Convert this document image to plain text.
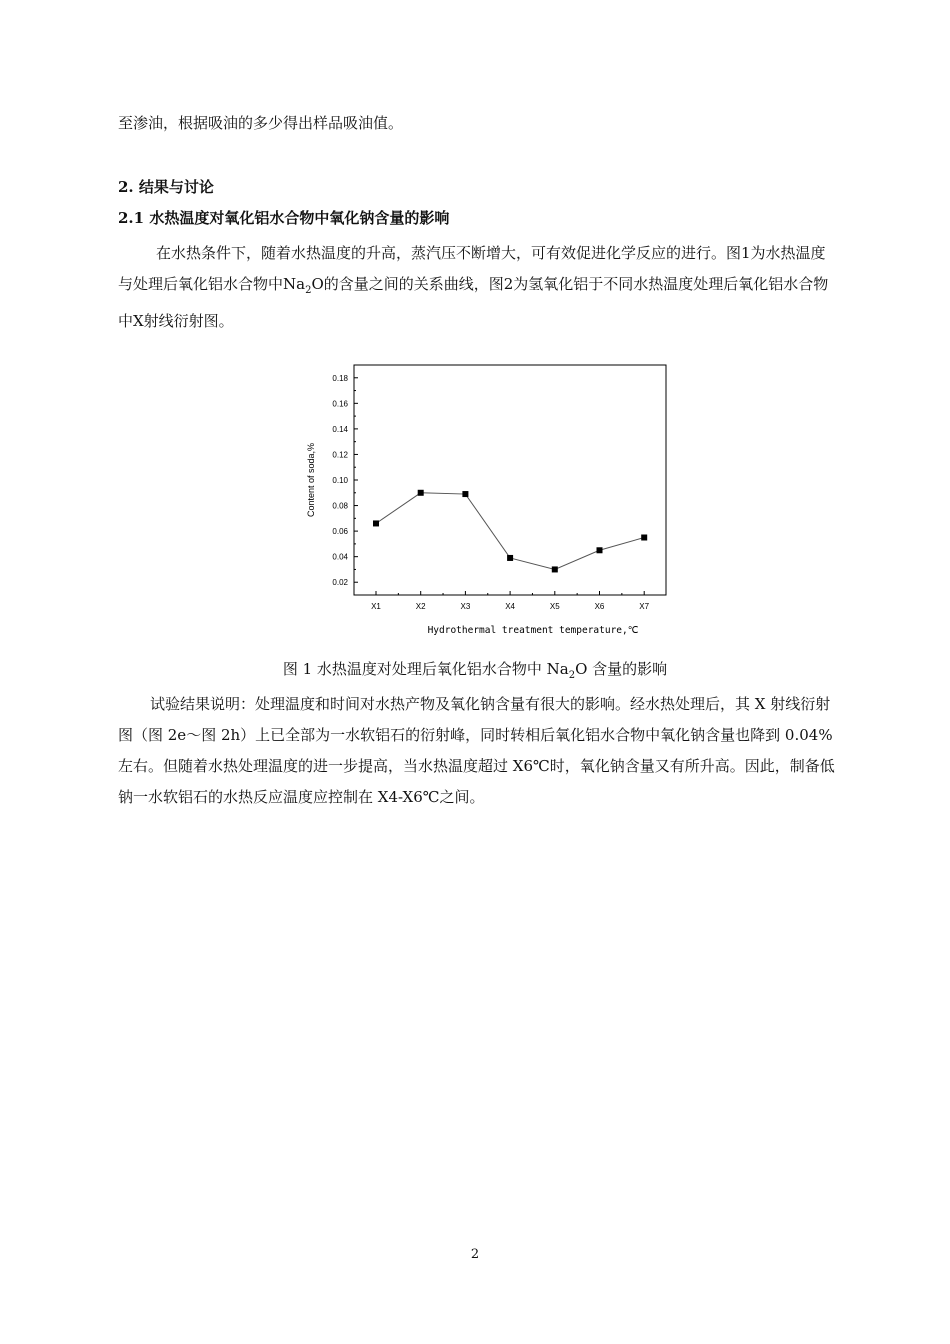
至渗油，根据吸油的多少得出样品吸油值。

2. 结果与讨论
2.1 水热温度对氧化铝水合物中氧化钠含量的影响

在水热条件下，随着水热温度的升高，蒸汽压不断增大，可有效促进化学反应的进行。图1为水热温度与处理后氧化铝水合物中$Na_2O$的含量之间的关系曲线，图2为氢氧化铝于不同水热温度处理后氧化铝水合物中X射线衍射图。

0.02
0.04
0.06
0.08
0.10
0.12
0.14
0.16
0.18
X1	X2	X3	X4	X5	X6	X7
Content of soda,%
Hydrothermal treatment temperature,℃

图 1 水热温度对处理后氧化铝水合物中 $Na_2O$ 含量的影响

试验结果说明：处理温度和时间对水热产物及氧化钠含量有很大的影响。经水热处理后，其 X 射线衍射图（图 2e～图 2h）上已全部为一水软铝石的衍射峰，同时转相后氧化铝水合物中氧化钠含量也降到 0.04%左右。但随着水热处理温度的进一步提高，当水热温度超过 X6℃时，氧化钠含量又有所升高。因此，制备低钠一水软铝石的水热反应温度应控制在 X4-X6℃之间。

2
